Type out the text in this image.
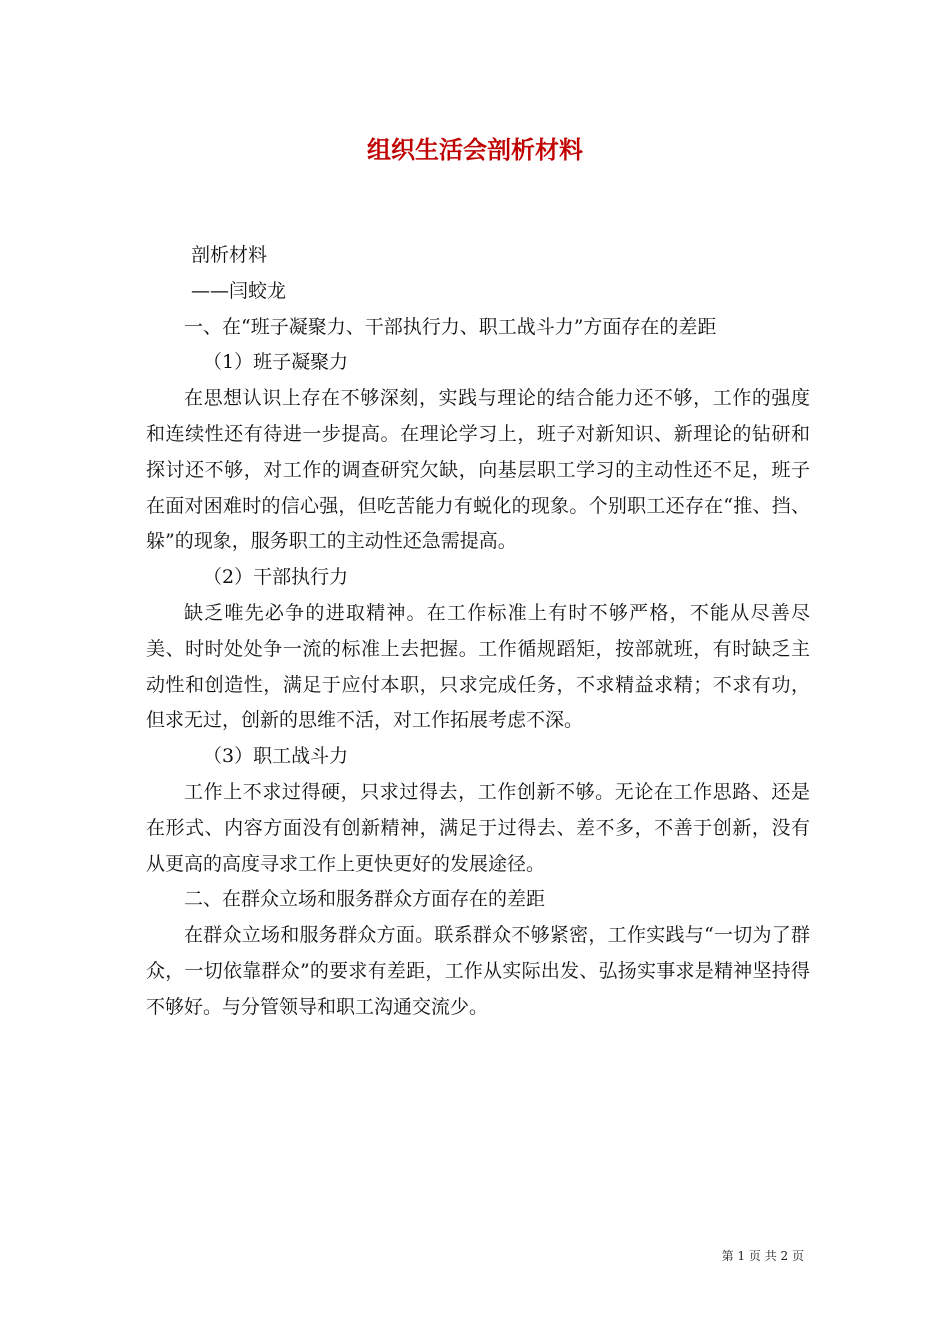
组织生活会剖析材料

剖析材料

——闫蛟龙

一、在“班子凝聚力、干部执行力、职工战斗力”方面存在的差距

（1）班子凝聚力

在思想认识上存在不够深刻，实践与理论的结合能力还不够，工作的强度和连续性还有待进一步提高。在理论学习上，班子对新知识、新理论的钻研和探讨还不够，对工作的调查研究欠缺，向基层职工学习的主动性还不足，班子在面对困难时的信心强，但吃苦能力有蜕化的现象。个别职工还存在“推、挡、躲”的现象，服务职工的主动性还急需提高。

（2）干部执行力

缺乏唯先必争的进取精神。在工作标准上有时不够严格，不能从尽善尽美、时时处处争一流的标准上去把握。工作循规蹈矩，按部就班，有时缺乏主动性和创造性，满足于应付本职，只求完成任务，不求精益求精；不求有功，但求无过，创新的思维不活，对工作拓展考虑不深。

（3）职工战斗力

工作上不求过得硬，只求过得去，工作创新不够。无论在工作思路、还是在形式、内容方面没有创新精神，满足于过得去、差不多，不善于创新，没有从更高的高度寻求工作上更快更好的发展途径。

二、在群众立场和服务群众方面存在的差距

在群众立场和服务群众方面。联系群众不够紧密，工作实践与“一切为了群众，一切依靠群众”的要求有差距，工作从实际出发、弘扬实事求是精神坚持得不够好。与分管领导和职工沟通交流少。

第 1 页 共 2 页
